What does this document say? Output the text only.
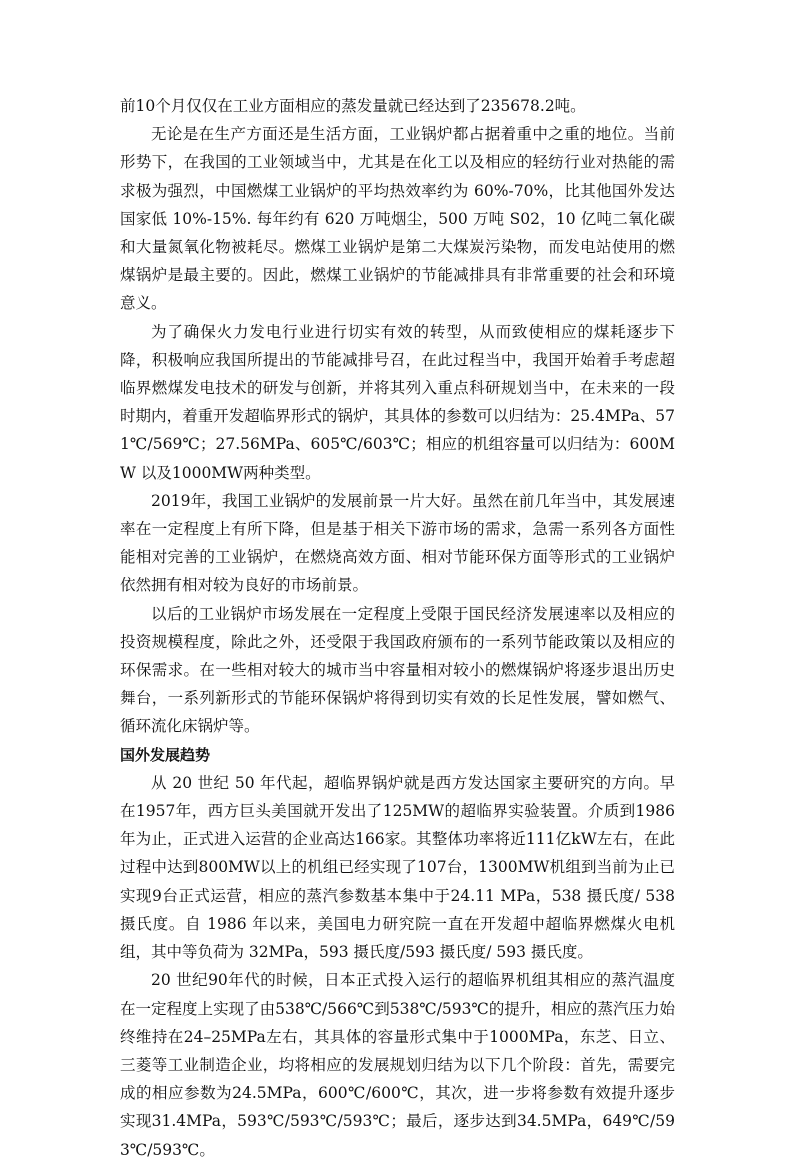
前10个月仅仅在工业方面相应的蒸发量就已经达到了235678.2吨。

无论是在生产方面还是生活方面，工业锅炉都占据着重中之重的地位。当前形势下，在我国的工业领域当中，尤其是在化工以及相应的轻纺行业对热能的需求极为强烈，中国燃煤工业锅炉的平均热效率约为 60%-70%，比其他国外发达国家低 10%-15%. 每年约有 620 万吨烟尘，500 万吨 S02，10 亿吨二氧化碳和大量氮氧化物被耗尽。燃煤工业锅炉是第二大煤炭污染物，而发电站使用的燃煤锅炉是最主要的。因此，燃煤工业锅炉的节能减排具有非常重要的社会和环境意义。

为了确保火力发电行业进行切实有效的转型，从而致使相应的煤耗逐步下降，积极响应我国所提出的节能减排号召，在此过程当中，我国开始着手考虑超临界燃煤发电技术的研发与创新，并将其列入重点科研规划当中，在未来的一段时期内，着重开发超临界形式的锅炉，其具体的参数可以归结为：25.4MPa、571℃/569℃；27.56MPa、605℃/603℃；相应的机组容量可以归结为：600MW 以及1000MW两种类型。

2019年，我国工业锅炉的发展前景一片大好。虽然在前几年当中，其发展速率在一定程度上有所下降，但是基于相关下游市场的需求，急需一系列各方面性能相对完善的工业锅炉，在燃烧高效方面、相对节能环保方面等形式的工业锅炉依然拥有相对较为良好的市场前景。

以后的工业锅炉市场发展在一定程度上受限于国民经济发展速率以及相应的投资规模程度，除此之外，还受限于我国政府颁布的一系列节能政策以及相应的环保需求。在一些相对较大的城市当中容量相对较小的燃煤锅炉将逐步退出历史舞台，一系列新形式的节能环保锅炉将得到切实有效的长足性发展，譬如燃气、循环流化床锅炉等。

国外发展趋势

从 20 世纪 50 年代起，超临界锅炉就是西方发达国家主要研究的方向。早在1957年，西方巨头美国就开发出了125MW的超临界实验装置。介质到1986年为止，正式进入运营的企业高达166家。其整体功率将近111亿kW左右，在此过程中达到800MW以上的机组已经实现了107台，1300MW机组到当前为止已实现9台正式运营，相应的蒸汽参数基本集中于24.11 MPa，538 摄氏度/ 538 摄氏度。自 1986 年以来，美国电力研究院一直在开发超中超临界燃煤火电机组，其中等负荷为 32MPa，593 摄氏度/593 摄氏度/ 593 摄氏度。

20 世纪90年代的时候，日本正式投入运行的超临界机组其相应的蒸汽温度在一定程度上实现了由538℃/566℃到538℃/593℃的提升，相应的蒸汽压力始终维持在24–25MPa左右，其具体的容量形式集中于1000MPa，东芝、日立、三菱等工业制造企业，均将相应的发展规划归结为以下几个阶段：首先，需要完成的相应参数为24.5MPa，600℃/600℃，其次，进一步将参数有效提升逐步实现31.4MPa，593℃/593℃/593℃；最后，逐步达到34.5MPa，649℃/593℃/593℃。
